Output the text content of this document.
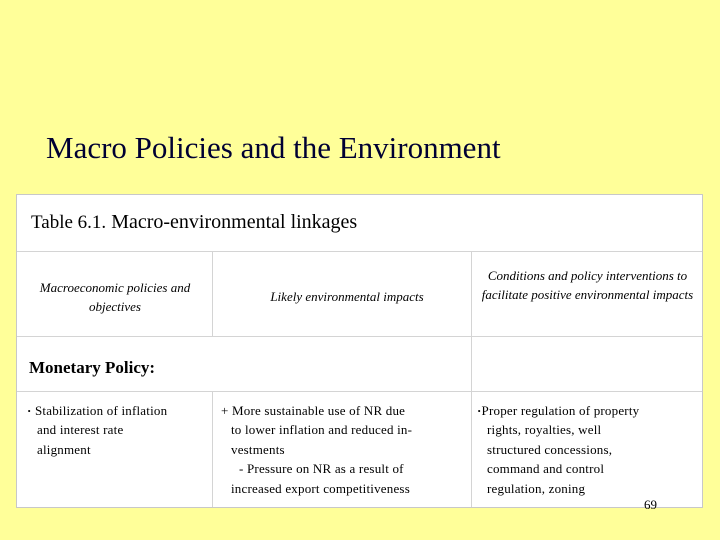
Macro Policies and the Environment
Table 6.1. Macro-environmental linkages
Macroeconomic policies and objectives
Likely environmental impacts
Conditions and policy interventions to facilitate positive environmental impacts
Monetary Policy:
· Stabilization of inflation
and interest rate
alignment
+ More sustainable use of NR due
to lower inflation and reduced in-
vestments
- Pressure on NR as a result of
increased export competitiveness
·Proper regulation of property
rights, royalties, well
structured concessions,
command and control
regulation, zoning
69
